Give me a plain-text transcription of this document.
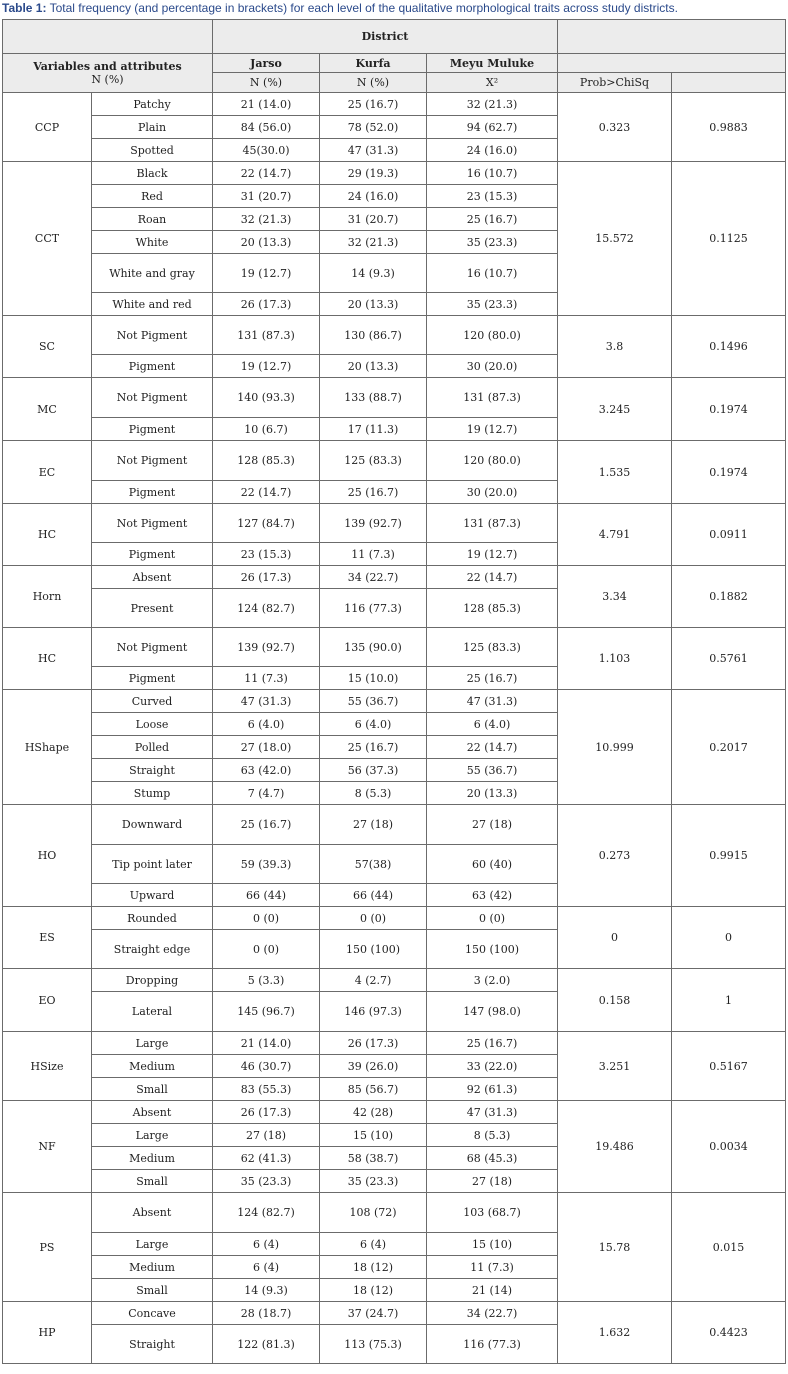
Table 1: Total frequency (and percentage in brackets) for each level of the qualitative morphological traits across study districts.
		District				

Variables and attributes
N (%)		Jarso	Kurfa	Meyu Muluke		
		N (%)	N (%)	X²	Prob>ChiSq	
CCP	Patchy	21 (14.0)	25 (16.7)	32 (21.3)	0.323	0.9883
	Plain	84 (56.0)	78 (52.0)	94 (62.7)		
	Spotted	45(30.0)	47 (31.3)	24 (16.0)		
CCT	Black	22 (14.7)	29 (19.3)	16 (10.7)	15.572	0.1125
	Red	31 (20.7)	24 (16.0)	23 (15.3)		
	Roan	32 (21.3)	31 (20.7)	25 (16.7)		
	White	20 (13.3)	32 (21.3)	35 (23.3)		
	White and gray	19 (12.7)	14 (9.3)	16 (10.7)		
	White and red	26 (17.3)	20 (13.3)	35 (23.3)		
SC	Not Pigment	131 (87.3)	130 (86.7)	120 (80.0)	3.8	0.1496
	Pigment	19 (12.7)	20 (13.3)	30 (20.0)		
MC	Not Pigment	140 (93.3)	133 (88.7)	131 (87.3)	3.245	0.1974
	Pigment	10 (6.7)	17 (11.3)	19 (12.7)		
EC	Not Pigment	128 (85.3)	125 (83.3)	120 (80.0)	1.535	0.1974
	Pigment	22 (14.7)	25 (16.7)	30 (20.0)		
HC	Not Pigment	127 (84.7)	139 (92.7)	131 (87.3)	4.791	0.0911
	Pigment	23 (15.3)	11 (7.3)	19 (12.7)		
Horn	Absent	26 (17.3)	34 (22.7)	22 (14.7)	3.34	0.1882
	Present	124 (82.7)	116 (77.3)	128 (85.3)		
HC	Not Pigment	139 (92.7)	135 (90.0)	125 (83.3)	1.103	0.5761
	Pigment	11 (7.3)	15 (10.0)	25 (16.7)		
HShape	Curved	47 (31.3)	55 (36.7)	47 (31.3)	10.999	0.2017
	Loose	6 (4.0)	6 (4.0)	6 (4.0)		
	Polled	27 (18.0)	25 (16.7)	22 (14.7)		
	Straight	63 (42.0)	56 (37.3)	55 (36.7)		
	Stump	7 (4.7)	8 (5.3)	20 (13.3)		
HO	Downward	25 (16.7)	27 (18)	27 (18)	0.273	0.9915
	Tip point later	59 (39.3)	57(38)	60 (40)		
	Upward	66 (44)	66 (44)	63 (42)		
ES	Rounded	0 (0)	0 (0)	0 (0)	0	0
	Straight edge	0 (0)	150 (100)	150 (100)		
EO	Dropping	5 (3.3)	4 (2.7)	3 (2.0)	0.158	1
	Lateral	145 (96.7)	146 (97.3)	147 (98.0)		
HSize	Large	21 (14.0)	26 (17.3)	25 (16.7)	3.251	0.5167
	Medium	46 (30.7)	39 (26.0)	33 (22.0)		
	Small	83 (55.3)	85 (56.7)	92 (61.3)		
NF	Absent	26 (17.3)	42 (28)	47 (31.3)	19.486	0.0034
	Large	27 (18)	15 (10)	8 (5.3)		
	Medium	62 (41.3)	58 (38.7)	68 (45.3)		
	Small	35 (23.3)	35 (23.3)	27 (18)		
PS	Absent	124 (82.7)	108 (72)	103 (68.7)	15.78	0.015
	Large	6 (4)	6 (4)	15 (10)		
	Medium	6 (4)	18 (12)	11 (7.3)		
	Small	14 (9.3)	18 (12)	21 (14)		
HP	Concave	28 (18.7)	37 (24.7)	34 (22.7)	1.632	0.4423
	Straight	122 (81.3)	113 (75.3)	116 (77.3)		
